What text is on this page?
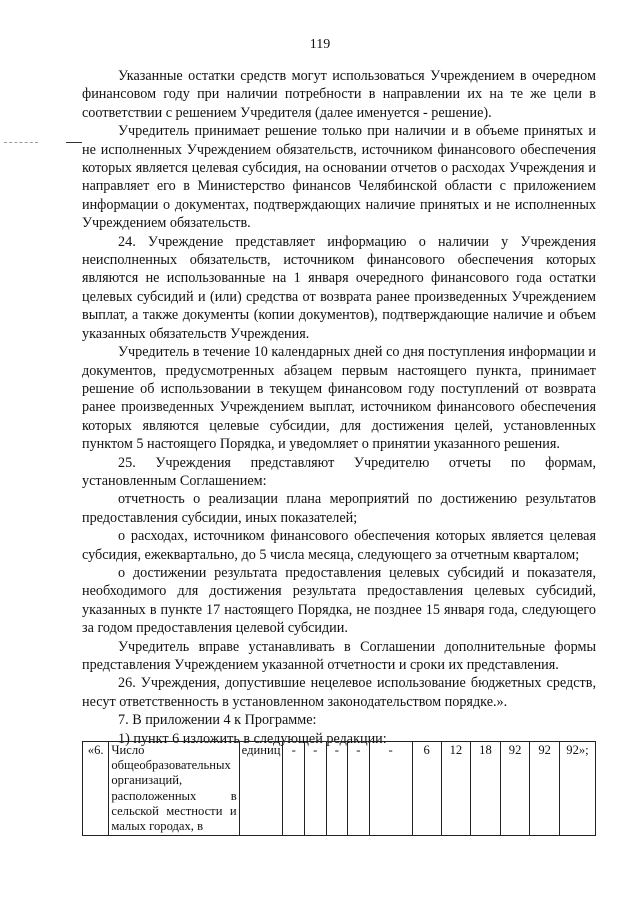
119

Указанные остатки средств могут использоваться Учреждением в очередном финансовом году при наличии потребности в направлении их на те же цели в соответствии с решением Учредителя (далее именуется - решение).

Учредитель принимает решение только при наличии и в объеме принятых и не исполненных Учреждением обязательств, источником финансового обеспечения которых является целевая субсидия, на основании отчетов о расходах Учреждения и направляет его в Министерство финансов Челябинской области с приложением информации о документах, подтверждающих наличие принятых и не исполненных Учреждением обязательств.

24. Учреждение представляет информацию о наличии у Учреждения неисполненных обязательств, источником финансового обеспечения которых являются не использованные на 1 января очередного финансового года остатки целевых субсидий и (или) средства от возврата ранее произведенных Учреждением выплат, а также документы (копии документов), подтверждающие наличие и объем указанных обязательств Учреждения.

Учредитель в течение 10 календарных дней со дня поступления информации и документов, предусмотренных абзацем первым настоящего пункта, принимает решение об использовании в текущем финансовом году поступлений от возврата ранее произведенных Учреждением выплат, источником финансового обеспечения которых являются целевые субсидии, для достижения целей, установленных пунктом 5 настоящего Порядка, и уведомляет о принятии указанного решения.

25. Учреждения представляют Учредителю отчеты по формам, установленным Соглашением:

отчетность о реализации плана мероприятий по достижению результатов предоставления субсидии, иных показателей;

о расходах, источником финансового обеспечения которых является целевая субсидия, ежеквартально, до 5 числа месяца, следующего за отчетным кварталом;

о достижении результата предоставления целевых субсидий и показателя, необходимого для достижения результата предоставления целевых субсидий, указанных в пункте 17 настоящего Порядка, не позднее 15 января года, следующего за годом предоставления целевой субсидии.

Учредитель вправе устанавливать в Соглашении дополнительные формы представления Учреждением указанной отчетности и сроки их представления.

26. Учреждения, допустившие нецелевое использование бюджетных средств, несут ответственность в установленном законодательством порядке.».

7. В приложении 4 к Программе:

1) пункт 6 изложить в следующей редакции:

«6.	Число общеобразовательных организаций, расположенных в сельской местности и малых городах, в	единиц	-	-	-	-	-	6	12	18	92	92	92»;
